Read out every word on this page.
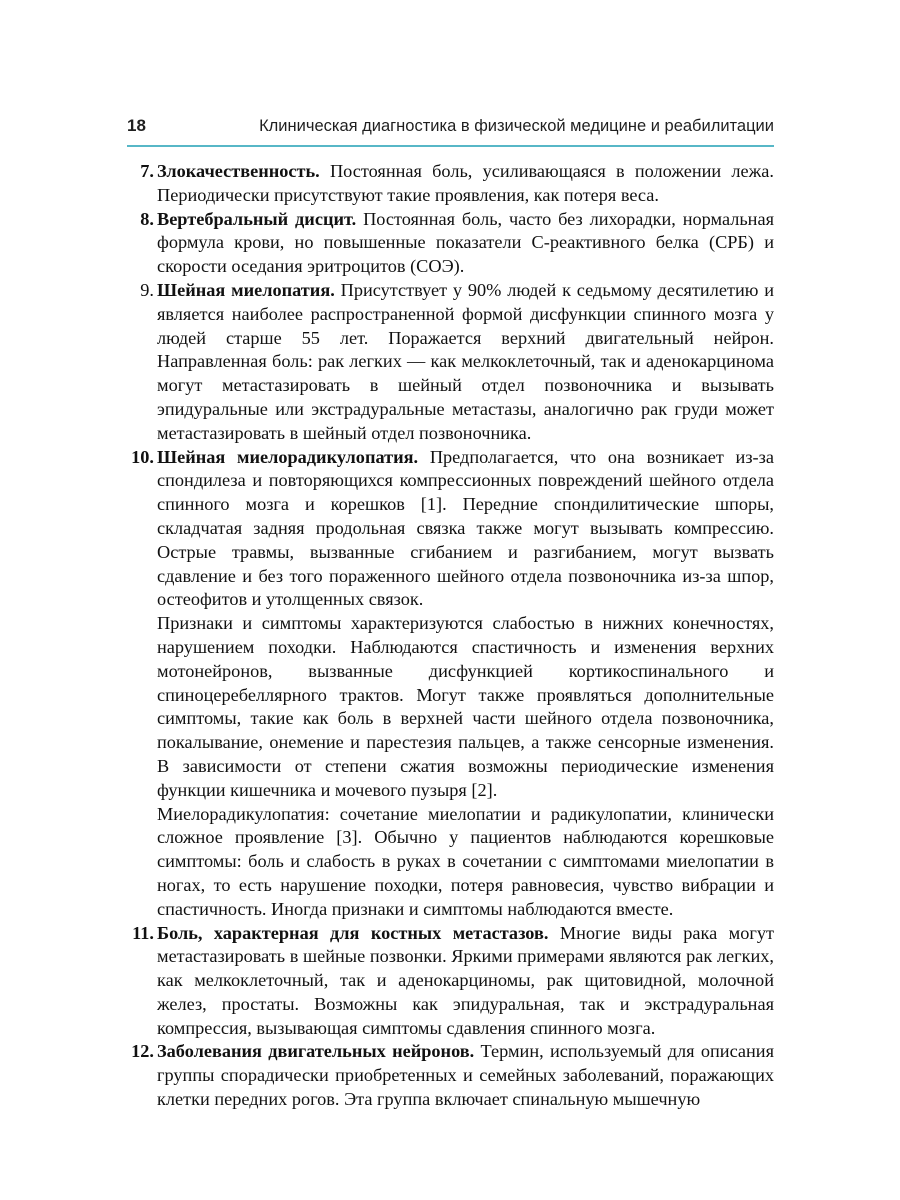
18	Клиническая диагностика в физической медицине и реабилитации
7. Злокачественность. Постоянная боль, усиливающаяся в положении лежа. Периодически присутствуют такие проявления, как потеря веса.

8. Вертебральный дисцит. Постоянная боль, часто без лихорадки, нормальная формула крови, но повышенные показатели С-реактивного белка (СРБ) и скорости оседания эритроцитов (СОЭ).

9. Шейная миелопатия. Присутствует у 90% людей к седьмому десятилетию и является наиболее распространенной формой дисфункции спинного мозга у людей старше 55 лет. Поражается верхний двигательный нейрон. Направленная боль: рак легких — как мелкоклеточный, так и аденокарцинома могут метастазировать в шейный отдел позвоночника и вызывать эпидуральные или экстрадуральные метастазы, аналогично рак груди может метастазировать в шейный отдел позвоночника.

10. Шейная миелорадикулопатия. Предполагается, что она возникает из-за спондилеза и повторяющихся компрессионных повреждений шейного отдела спинного мозга и корешков [1]. Передние спондилитические шпоры, складчатая задняя продольная связка также могут вызывать компрессию. Острые травмы, вызванные сгибанием и разгибанием, могут вызвать сдавление и без того пораженного шейного отдела позвоночника из-за шпор, остеофитов и утолщенных связок.

Признаки и симптомы характеризуются слабостью в нижних конечностях, нарушением походки. Наблюдаются спастичность и изменения верхних мотонейронов, вызванные дисфункцией кортикоспинального и спиноцеребеллярного трактов. Могут также проявляться дополнительные симптомы, такие как боль в верхней части шейного отдела позвоночника, покалывание, онемение и парестезия пальцев, а также сенсорные изменения. В зависимости от степени сжатия возможны периодические изменения функции кишечника и мочевого пузыря [2].

Миелорадикулопатия: сочетание миелопатии и радикулопатии, клинически сложное проявление [3]. Обычно у пациентов наблюдаются корешковые симптомы: боль и слабость в руках в сочетании с симптомами миелопатии в ногах, то есть нарушение походки, потеря равновесия, чувство вибрации и спастичность. Иногда признаки и симптомы наблюдаются вместе.

11. Боль, характерная для костных метастазов. Многие виды рака могут метастазировать в шейные позвонки. Яркими примерами являются рак легких, как мелкоклеточный, так и аденокарциномы, рак щитовидной, молочной желез, простаты. Возможны как эпидуральная, так и экстрадуральная компрессия, вызывающая симптомы сдавления спинного мозга.

12. Заболевания двигательных нейронов. Термин, используемый для описания группы спорадически приобретенных и семейных заболеваний, поражающих клетки передних рогов. Эта группа включает спинальную мышечную
